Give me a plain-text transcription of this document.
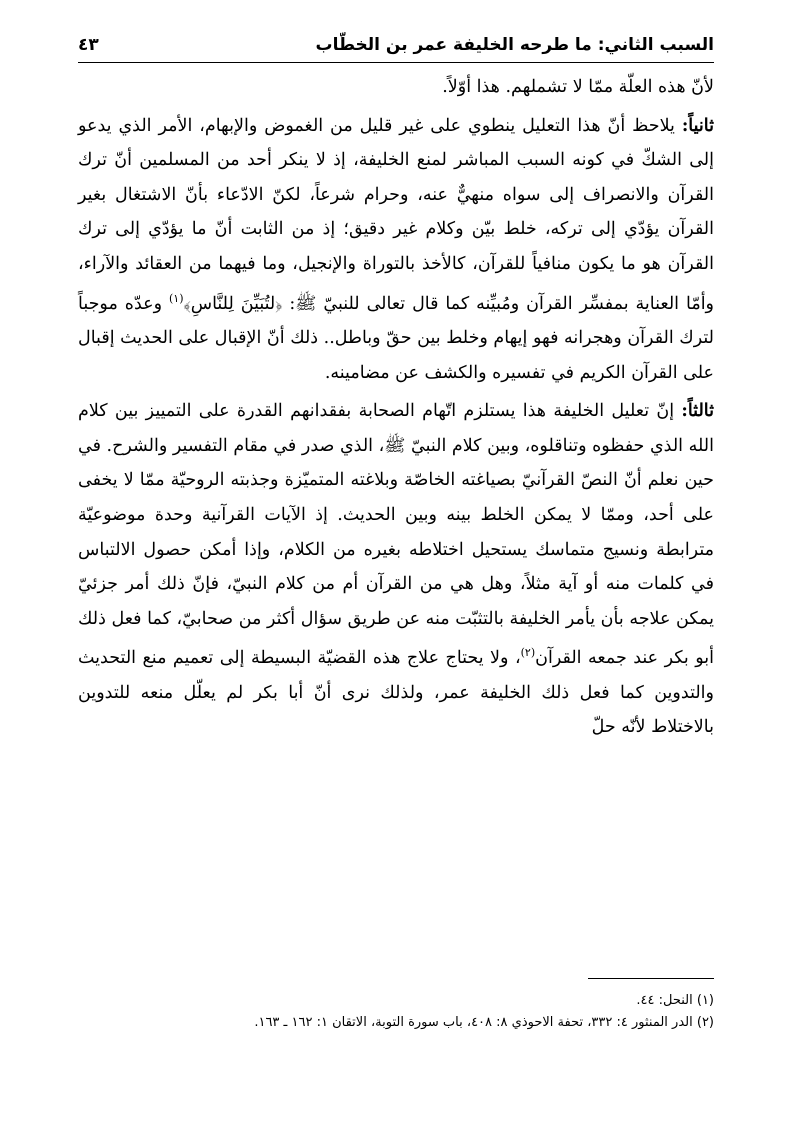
السبب الثاني: ما طرحه الخليفة عمر بن الخطّاب
٤٣

لأنّ هذه العلّة ممّا لا تشملهم. هذا أوّلاً.

ثانياً: يلاحظ أنّ هذا التعليل ينطوي على غير قليل من الغموض والإبهام، الأمر الذي يدعو إلى الشكّ في كونه السبب المباشر لمنع الخليفة، إذ لا ينكر أحد من المسلمين أنّ ترك القرآن والانصراف إلى سواه منهيٌّ عنه، وحرام شرعاً، لكنّ الادّعاء بأنّ الاشتغال بغير القرآن يؤدّي إلى تركه، خلط بيّن وكلام غير دقيق؛ إذ من الثابت أنّ ما يؤدّي إلى ترك القرآن هو ما يكون منافياً للقرآن، كالأخذ بالتوراة والإنجيل، وما فيهما من العقائد والآراء، وأمّا العناية بمفسِّر القرآن ومُبيِّنه كما قال تعالى للنبيّ ﷺ: ﴿لتُبَيِّنَ لِلنَّاسِ﴾$^{(١)}$ وعدّه موجباً لترك القرآن وهجرانه فهو إيهام وخلط بين حقّ وباطل.. ذلك أنّ الإقبال على الحديث إقبال على القرآن الكريم في تفسيره والكشف عن مضامينه.

ثالثاً: إنّ تعليل الخليفة هذا يستلزم اتّهام الصحابة بفقدانهم القدرة على التمييز بين كلام الله الذي حفظوه وتناقلوه، وبين كلام النبيّ ﷺ، الذي صدر في مقام التفسير والشرح. في حين نعلم أنّ النصّ القرآنيّ بصياغته الخاصّة وبلاغته المتميّزة وجذبته الروحيّة ممّا لا يخفى على أحد، وممّا لا يمكن الخلط بينه وبين الحديث. إذ الآيات القرآنية وحدة موضوعيّة مترابطة ونسيج متماسك يستحيل اختلاطه بغيره من الكلام، وإذا أمكن حصول الالتباس في كلمات منه أو آية مثلاً، وهل هي من القرآن أم من كلام النبيّ، فإنّ ذلك أمر جزئيّ يمكن علاجه بأن يأمر الخليفة بالتثبّت منه عن طريق سؤال أكثر من صحابيّ، كما فعل ذلك أبو بكر عند جمعه القرآن$^{(٢)}$، ولا يحتاج علاج هذه القضيّة البسيطة إلى تعميم منع التحديث والتدوين كما فعل ذلك الخليفة عمر، ولذلك نرى أنّ أبا بكر لم يعلّل منعه للتدوين بالاختلاط لأنّه حلّ

(١) النحل: ٤٤.
(٢) الدر المنثور ٤: ٣٣٢، تحفة الاحوذي ٨: ٤٠٨، باب سورة التوبة، الاتقان ١: ١٦٢ ـ ١٦٣.
